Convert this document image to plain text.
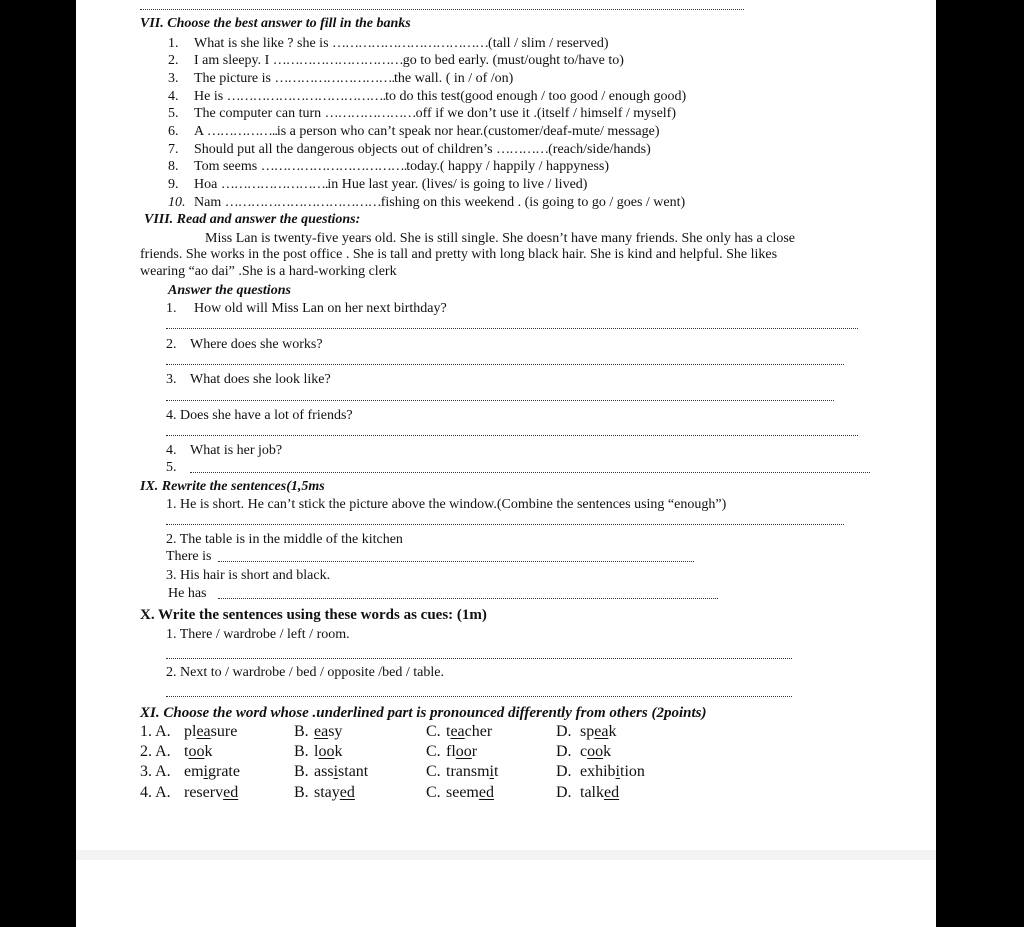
VII. Choose the best answer to fill in the banks
1. What is she like ? she is ………………………………(tall / slim / reserved)
2. I am sleepy. I …………………………go to bed early. (must/ought to/have to)
3. The picture is ……………………….the wall. ( in / of /on)
4. He is ……………………………….to do this test(good enough / too good / enough good)
5. The computer can turn …………………off if we don’t use it .(itself / himself / myself)
6. A ……………..is a person who can’t speak nor hear.(customer/deaf-mute/ message)
7. Should put all the dangerous objects out of children’s …………(reach/side/hands)
8. Tom seems …………………………….today.( happy / happily / happyness)
9. Hoa …………………….in Hue last year. (lives/ is going to live / lived)
10. Nam ………………………………fishing on this weekend . (is going to go / goes / went)
VIII. Read and answer the questions:
Miss Lan is twenty-five years old. She is still single. She doesn’t have many friends. She only has a close
friends. She works in the post office . She is tall and pretty with long black hair. She is kind and helpful. She likes
wearing “ao dai” .She is a hard-working clerk
Answer the questions
1. How old will Miss Lan on her next birthday?
2. Where does she works?
3. What does she look like?
4. Does she have a lot of friends?
4. What is her job?
5.
IX. Rewrite the sentences(1,5ms
1. He is short. He can’t stick the picture above the window.(Combine the sentences using “enough”)
2. The table is in the middle of the kitchen
There is
3. His hair is short and black.
He has
X. Write the sentences using these words as cues: (1m)
1. There / wardrobe / left / room.
2. Next to / wardrobe / bed / opposite /bed / table.
XI. Choose the word whose .underlined part is pronounced differently from others (2points)
1. A. pleasure	B. easy	C. teacher	D. speak
2. A. took	B. look	C. floor	D. cook
3. A. emigrate	B. assistant	C. transmit	D. exhibition
4. A. reserved	B. stayed	C. seemed	D. talked
